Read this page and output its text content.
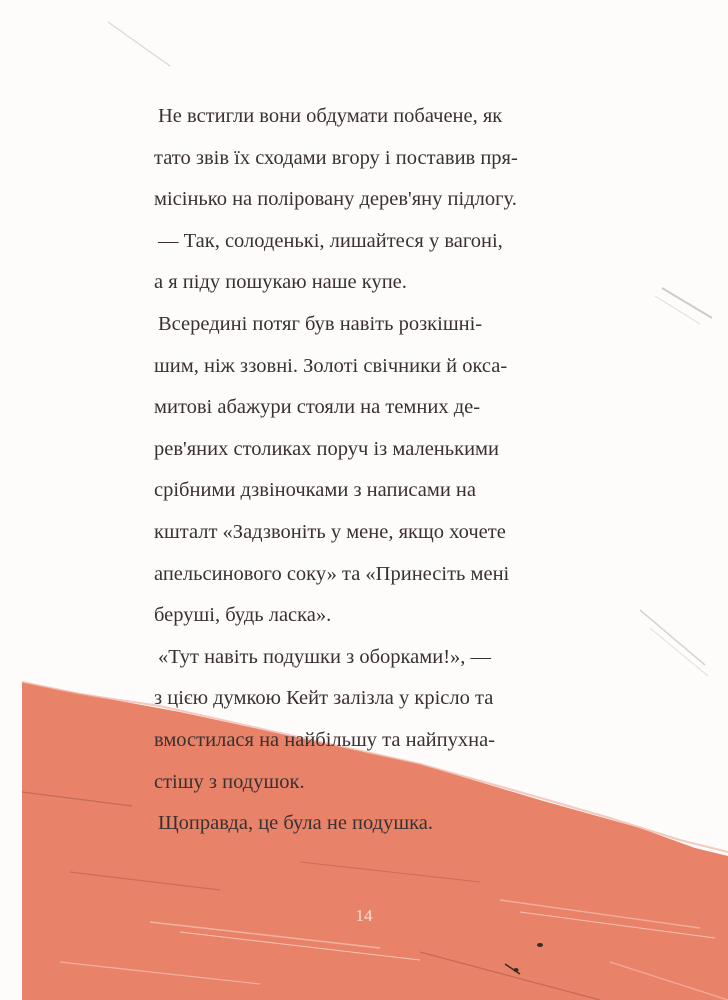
Не встигли вони обдумати побачене, як
тато звів їх сходами вгору і поставив пря-
місінько на поліровану дерев'яну підлогу.

— Так, солоденькі, лишайтеся у вагоні,
а я піду пошукаю наше купе.

Всередині потяг був навіть розкішні-
шим, ніж ззовні. Золоті свічники й окса-
митові абажури стояли на темних де-
рев'яних столиках поруч із маленькими
срібними дзвіночками з написами на
кшталт «Задзвоніть у мене, якщо хочете
апельсинового соку» та «Принесіть мені
беруші, будь ласка».

«Тут навіть подушки з оборками!», —
з цією думкою Кейт залізла у крісло та
вмостилася на найбільшу та найпухна-
стішу з подушок.

Щоправда, це була не подушка.

14
